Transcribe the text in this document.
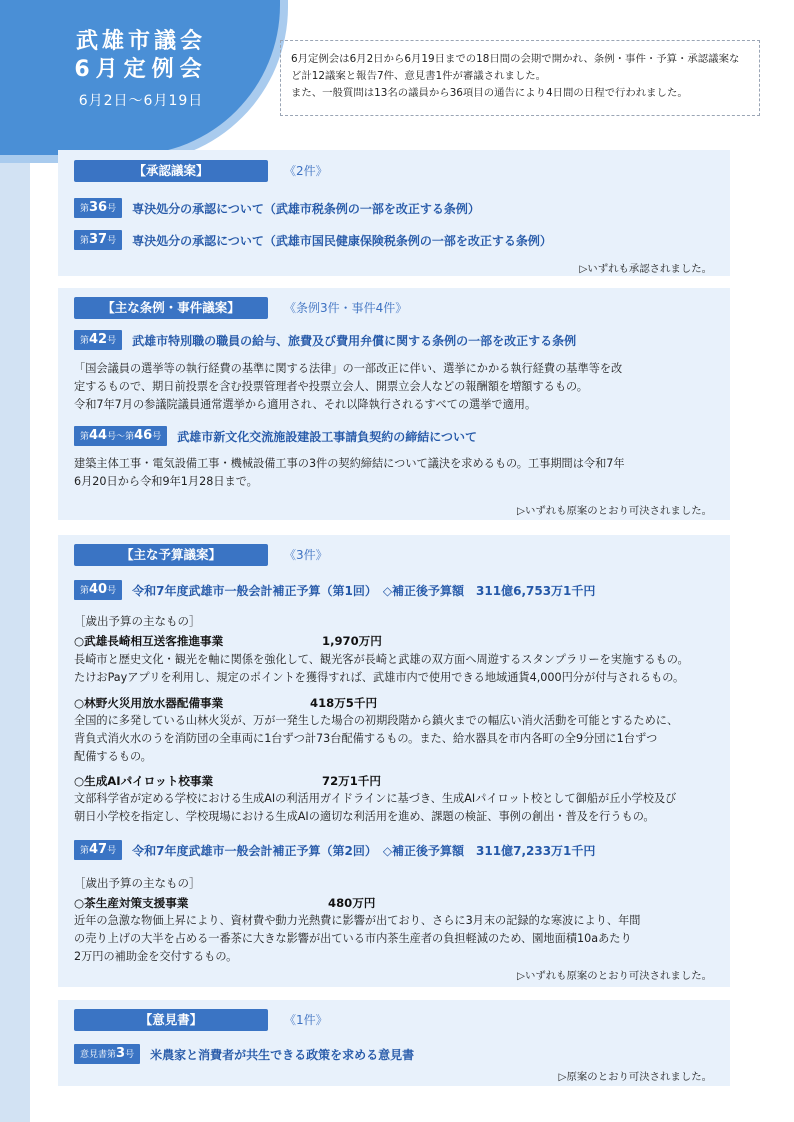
武雄市議会
6月定例会
6月2日～6月19日

6月定例会は6月2日から6月19日までの18日間の会期で開かれ、条例・事件・予算・承認議案な

ど計12議案と報告7件、意見書1件が審議されました。

また、一般質問は13名の議員から36項目の通告により4日間の日程で行われました。

【承認議案】	《2件》
第36号	専決処分の承認について（武雄市税条例の一部を改正する条例）
第37号	専決処分の承認について（武雄市国民健康保険税条例の一部を改正する条例）
▷いずれも承認されました。
【主な条例・事件議案】	《条例3件・事件4件》
第42号	武雄市特別職の職員の給与、旅費及び費用弁償に関する条例の一部を改正する条例

「国会議員の選挙等の執行経費の基準に関する法律」の一部改正に伴い、選挙にかかる執行経費の基準等を改

定するもので、期日前投票を含む投票管理者や投票立会人、開票立会人などの報酬額を増額するもの。

令和7年7月の参議院議員通常選挙から適用され、それ以降執行されるすべての選挙で適用。

第44号～第46号	武雄市新文化交流施設建設工事請負契約の締結について

建築主体工事・電気設備工事・機械設備工事の3件の契約締結について議決を求めるもの。工事期間は令和7年

6月20日から令和9年1月28日まで。

▷いずれも原案のとおり可決されました。
【主な予算議案】	《3件》
第40号	令和7年度武雄市一般会計補正予算（第1回）　◇補正後予算額　311億6,753万1千円
［歳出予算の主なもの］
○武雄長崎相互送客推進事業	1,970万円

長崎市と歴史文化・観光を軸に関係を強化して、観光客が長崎と武雄の双方面へ周遊するスタンプラリーを実施するもの。

たけおPayアプリを利用し、規定のポイントを獲得すれば、武雄市内で使用できる地域通貨4,000円分が付与されるもの。

○林野火災用放水器配備事業	418万5千円

全国的に多発している山林火災が、万が一発生した場合の初期段階から鎮火までの幅広い消火活動を可能とするために、

背負式消火水のうを消防団の全車両に1台ずつ計73台配備するもの。また、給水器具を市内各町の全9分団に1台ずつ

配備するもの。

○生成AIパイロット校事業	72万1千円

文部科学省が定める学校における生成AIの利活用ガイドラインに基づき、生成AIパイロット校として御船が丘小学校及び

朝日小学校を指定し、学校現場における生成AIの適切な利活用を進め、課題の検証、事例の創出・普及を行うもの。

第47号	令和7年度武雄市一般会計補正予算（第2回）　◇補正後予算額　311億7,233万1千円
［歳出予算の主なもの］
○茶生産対策支援事業	480万円

近年の急激な物価上昇により、資材費や動力光熱費に影響が出ており、さらに3月末の記録的な寒波により、年間

の売り上げの大半を占める一番茶に大きな影響が出ている市内茶生産者の負担軽減のため、園地面積10aあたり

2万円の補助金を交付するもの。

▷いずれも原案のとおり可決されました。
【意見書】	《1件》
意見書第3号	米農家と消費者が共生できる政策を求める意見書
▷原案のとおり可決されました。
